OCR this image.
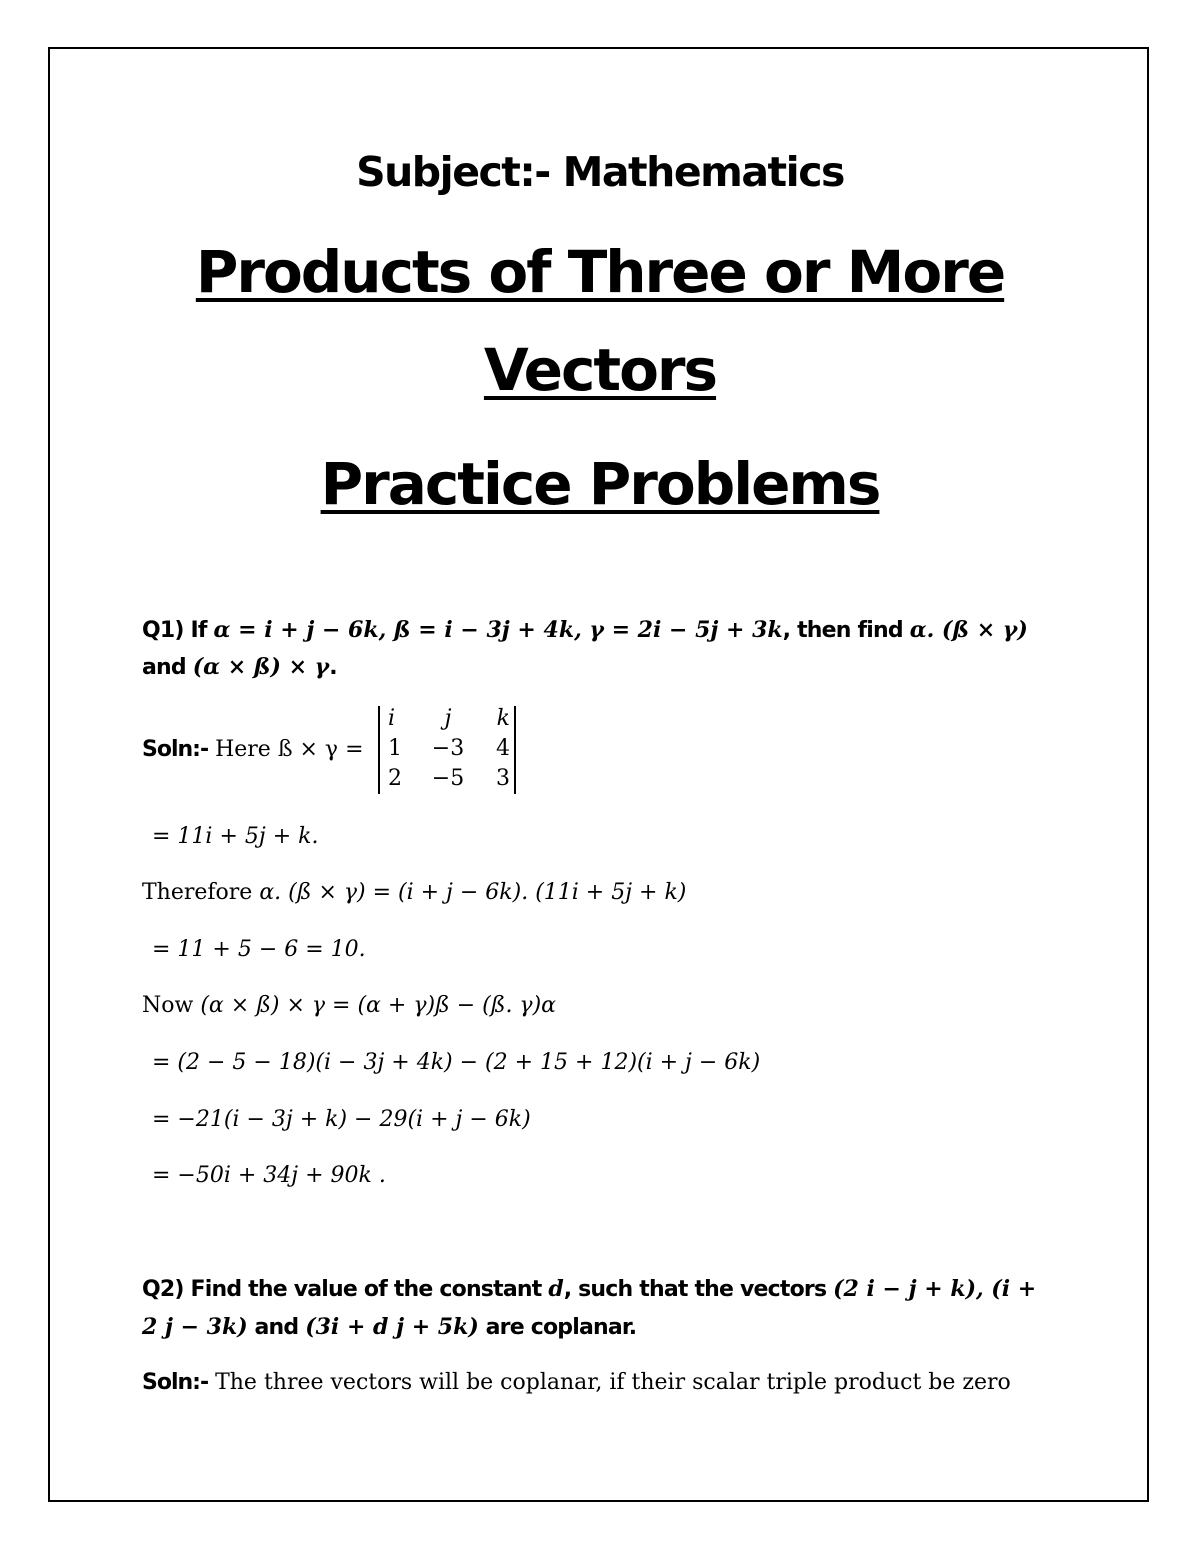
Subject:- Mathematics
Products of Three or More
Vectors
Practice Problems
Q1) If α = i + j − 6k, ß = i − 3j + 4k, γ = 2i − 5j + 3k, then find α. (ß × γ)
and (α × ß) × γ.
Soln:- Here ß × γ =
i	j	k
1 −3 4
2 −5 3
= 11i + 5j + k.
Therefore α. (ß × γ) = (i + j − 6k). (11i + 5j + k)
= 11 + 5 − 6 = 10.
Now (α × ß) × γ = (α + γ)ß − (ß. γ)α
= (2 − 5 − 18)(i − 3j + 4k) − (2 + 15 + 12)(i + j − 6k)
= −21(i − 3j + k) − 29(i + j − 6k)
= −50i + 34j + 90k .
Q2) Find the value of the constant d, such that the vectors (2 i − j + k), (i +
2 j − 3k) and (3i + d j + 5k) are coplanar.
Soln:- The three vectors will be coplanar, if their scalar triple product be zero
